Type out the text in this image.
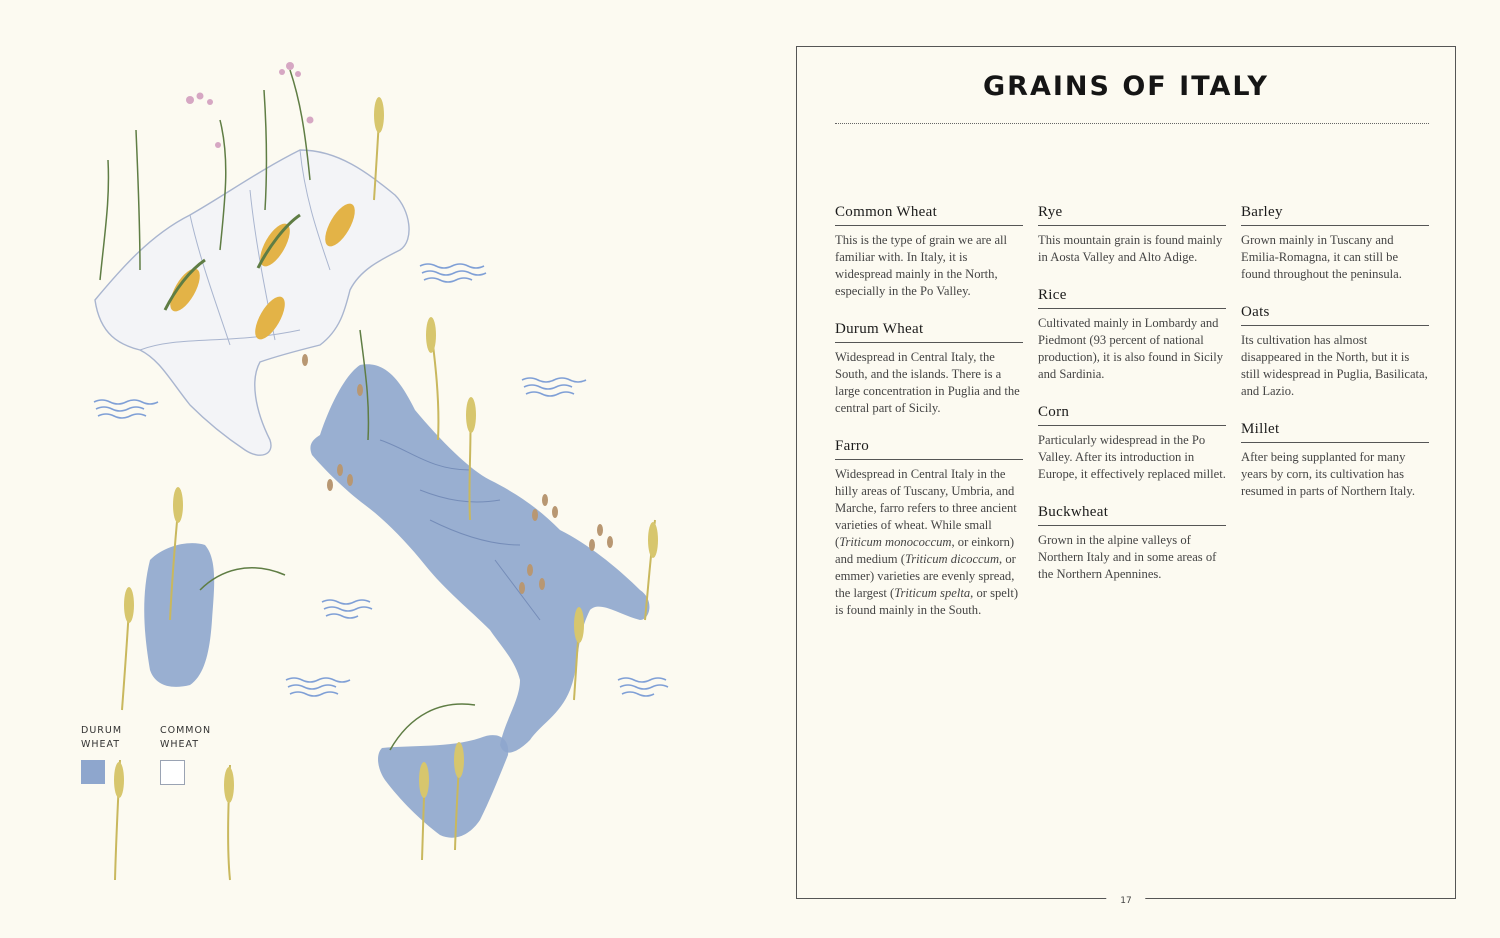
DURUM WHEAT
COMMON WHEAT
GRAINS OF ITALY
Common Wheat
This is the type of grain we are all familiar with. In Italy, it is widespread mainly in the North, especially in the Po Valley.
Durum Wheat
Widespread in Central Italy, the South, and the islands. There is a large concentration in Puglia and the central part of Sicily.
Farro
Widespread in Central Italy in the hilly areas of Tuscany, Umbria, and Marche, farro refers to three ancient varieties of wheat. While small (Triticum monococcum, or einkorn) and medium (Triticum dicoccum, or emmer) varieties are evenly spread, the largest (Triticum spelta, or spelt) is found mainly in the South.
Rye
This mountain grain is found mainly in Aosta Valley and Alto Adige.
Rice
Cultivated mainly in Lombardy and Piedmont (93 percent of national production), it is also found in Sicily and Sardinia.
Corn
Particularly widespread in the Po Valley. After its introduction in Europe, it effectively replaced millet.
Buckwheat
Grown in the alpine valleys of Northern Italy and in some areas of the Northern Apennines.
Barley
Grown mainly in Tuscany and Emilia-Romagna, it can still be found throughout the peninsula.
Oats
Its cultivation has almost disappeared in the North, but it is still widespread in Puglia, Basilicata, and Lazio.
Millet
After being supplanted for many years by corn, its cultivation has resumed in parts of Northern Italy.
17
